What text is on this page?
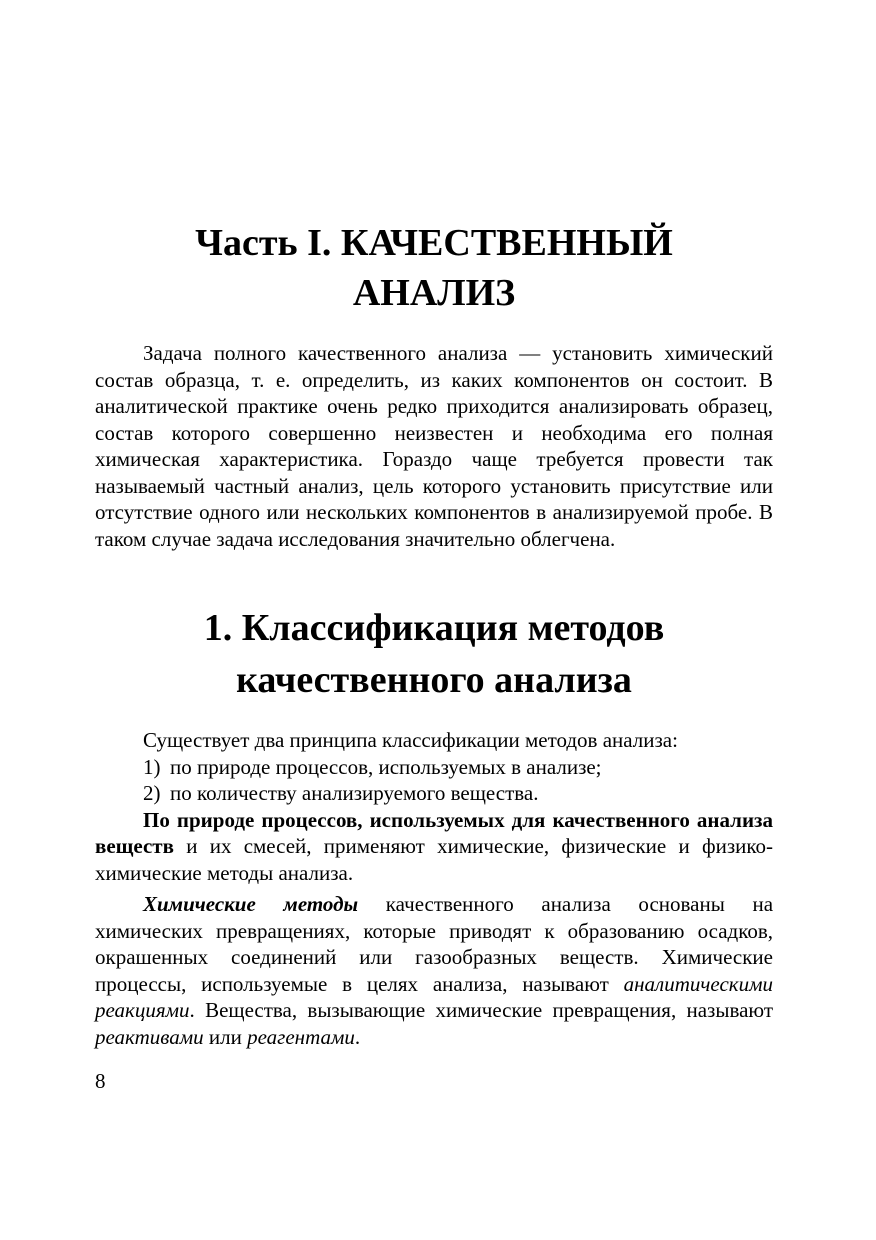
Часть I. КАЧЕСТВЕННЫЙ
АНАЛИЗ

Задача полного качественного анализа — установить химический состав образца, т. е. определить, из каких компонентов он состоит. В аналитической практике очень редко приходится анализировать образец, состав которого совершенно неизвестен и необходима его полная химическая характеристика. Гораздо чаще требуется провести так называемый частный анализ, цель которого установить присутствие или отсутствие одного или нескольких компонентов в анализируемой пробе. В таком случае задача исследования значительно облегчена.

1. Классификация методов
качественного анализа

Существует два принципа классификации методов анализа:

1) по природе процессов, используемых в анализе;
2) по количеству анализируемого вещества.

По природе процессов, используемых для качественного анализа веществ и их смесей, применяют химические, физические и физико-химические методы анализа.

Химические методы качественного анализа основаны на химических превращениях, которые приводят к образованию осадков, окрашенных соединений или газообразных веществ. Химические процессы, используемые в целях анализа, называют аналитическими реакциями. Вещества, вызывающие химические превращения, называют реактивами или реагентами.

8
